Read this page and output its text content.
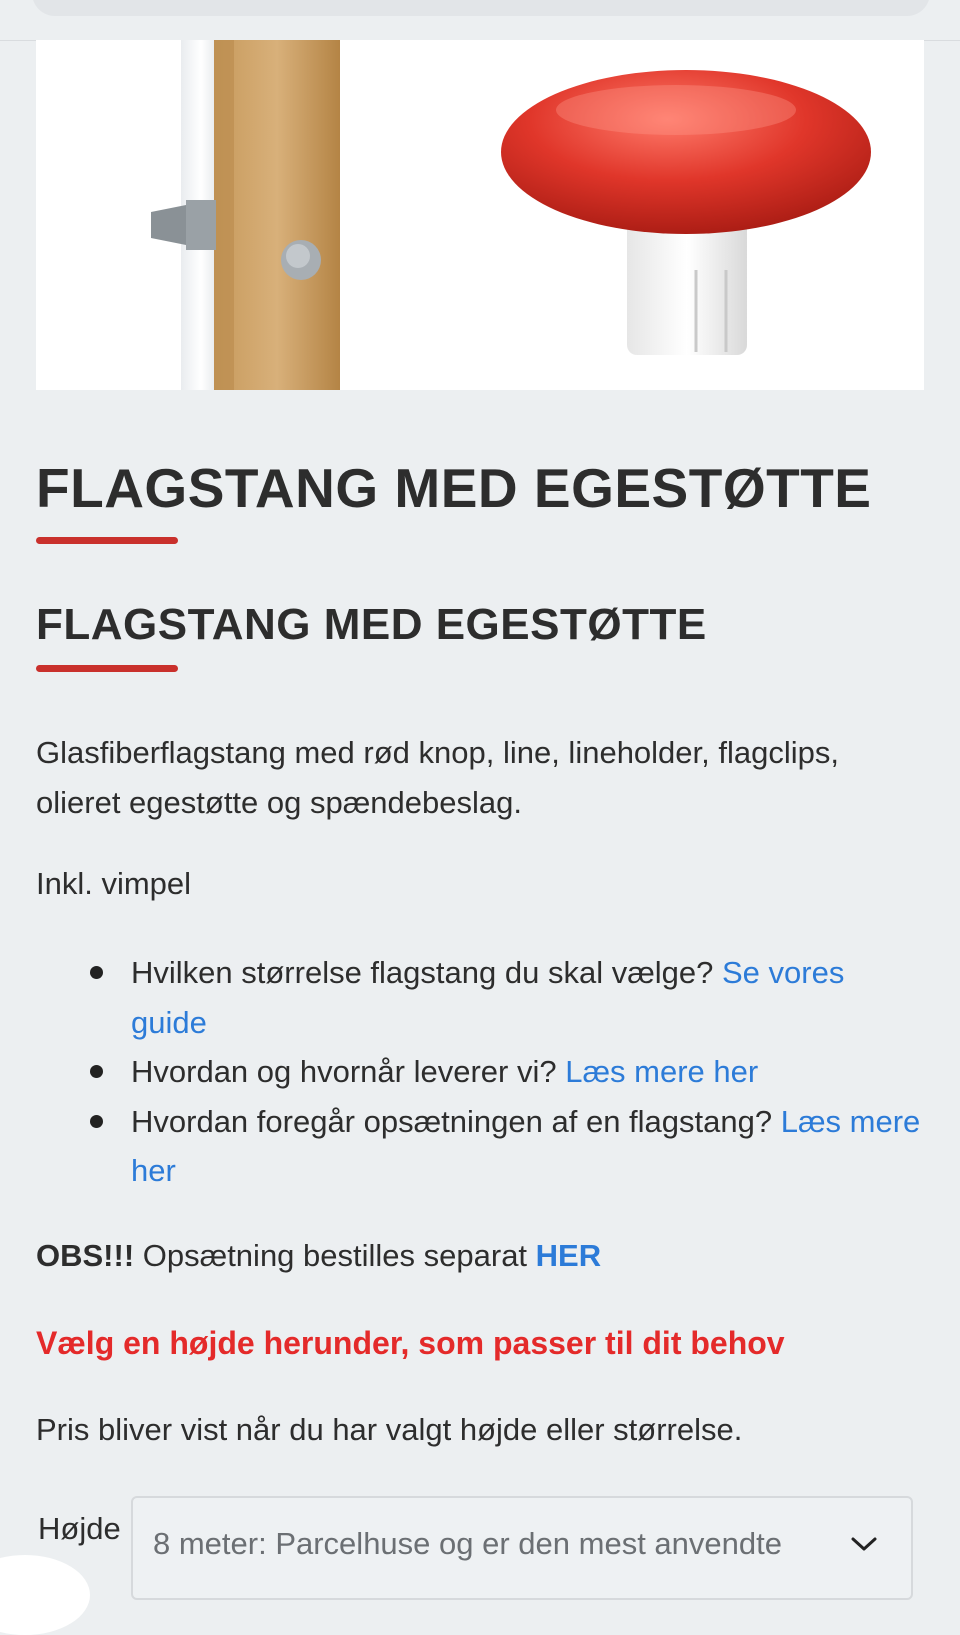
FLAGSTANG MED EGESTØTTE
FLAGSTANG MED EGESTØTTE

Glasfiberflagstang med rød knop, line, lineholder, flagclips, olieret egestøtte og spændebeslag.

Inkl. vimpel

Hvilken størrelse flagstang du skal vælge? Se vores guide
Hvordan og hvornår leverer vi? Læs mere her
Hvordan foregår opsætningen af en flagstang? Læs mere her

OBS!!! Opsætning bestilles separat HER

Vælg en højde herunder, som passer til dit behov

Pris bliver vist når du har valgt højde eller størrelse.

Højde 8 meter: Parcelhuse og er den mest anvendte
